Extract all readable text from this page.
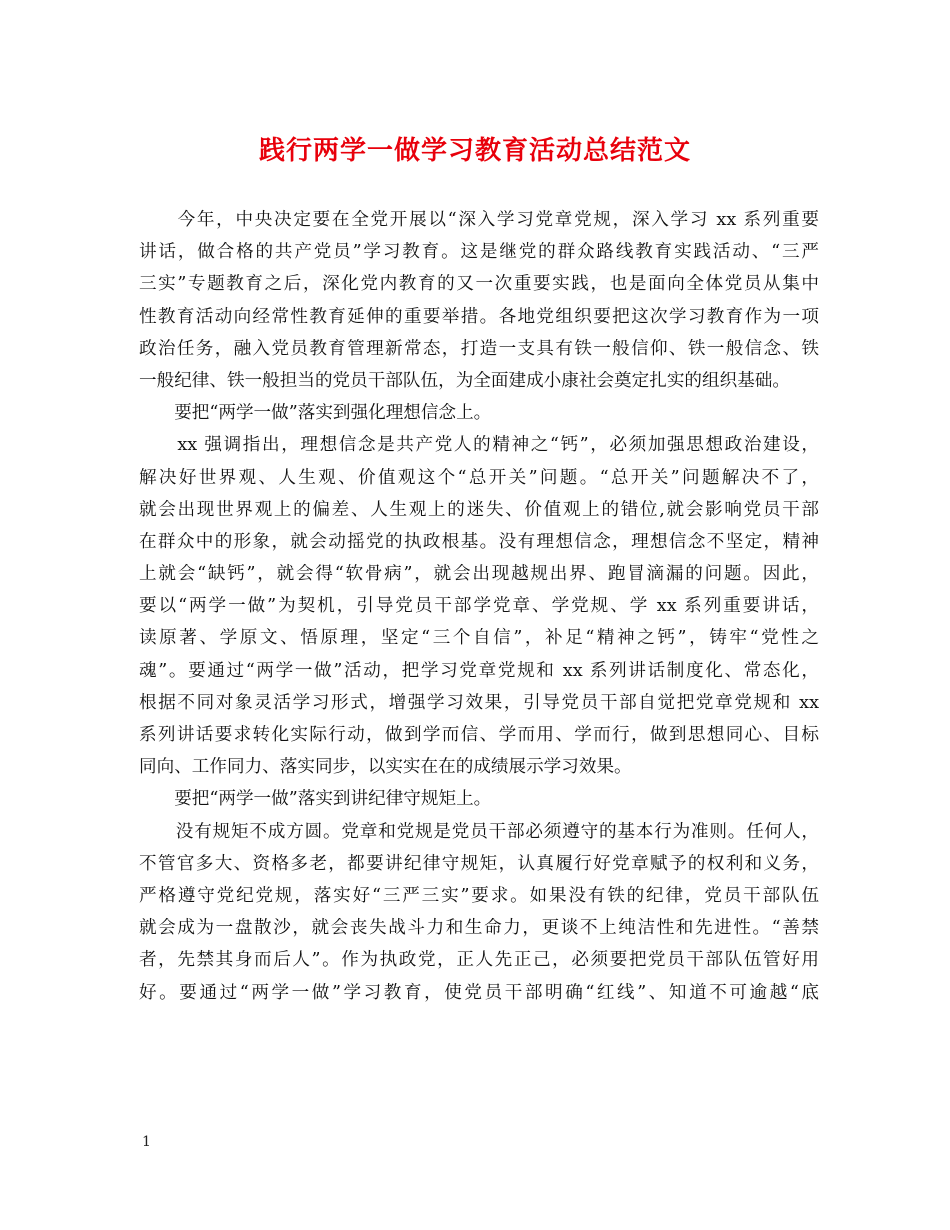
践行两学一做学习教育活动总结范文
　　今年，中央决定要在全党开展以“深入学习党章党规，深入学习 xx 系列重要
讲话，做合格的共产党员”学习教育。这是继党的群众路线教育实践活动、“三严
三实”专题教育之后，深化党内教育的又一次重要实践，也是面向全体党员从集中
性教育活动向经常性教育延伸的重要举措。各地党组织要把这次学习教育作为一项
政治任务，融入党员教育管理新常态，打造一支具有铁一般信仰、铁一般信念、铁
一般纪律、铁一般担当的党员干部队伍，为全面建成小康社会奠定扎实的组织基础。
　　要把“两学一做”落实到强化理想信念上。
　　xx 强调指出，理想信念是共产党人的精神之“钙”，必须加强思想政治建设，
解决好世界观、人生观、价值观这个“总开关”问题。“总开关”问题解决不了，
就会出现世界观上的偏差、人生观上的迷失、价值观上的错位,就会影响党员干部
在群众中的形象，就会动摇党的执政根基。没有理想信念，理想信念不坚定，精神
上就会“缺钙”，就会得“软骨病”，就会出现越规出界、跑冒滴漏的问题。因此，
要以“两学一做”为契机，引导党员干部学党章、学党规、学 xx 系列重要讲话，
读原著、学原文、悟原理，坚定“三个自信”，补足“精神之钙”，铸牢“党性之
魂”。要通过“两学一做”活动，把学习党章党规和 xx 系列讲话制度化、常态化，
根据不同对象灵活学习形式，增强学习效果，引导党员干部自觉把党章党规和 xx
系列讲话要求转化实际行动，做到学而信、学而用、学而行，做到思想同心、目标
同向、工作同力、落实同步，以实实在在的成绩展示学习效果。
　　要把“两学一做”落实到讲纪律守规矩上。
　　没有规矩不成方圆。党章和党规是党员干部必须遵守的基本行为准则。任何人，
不管官多大、资格多老，都要讲纪律守规矩，认真履行好党章赋予的权利和义务，
严格遵守党纪党规，落实好“三严三实”要求。如果没有铁的纪律，党员干部队伍
就会成为一盘散沙，就会丧失战斗力和生命力，更谈不上纯洁性和先进性。“善禁
者，先禁其身而后人”。作为执政党，正人先正己，必须要把党员干部队伍管好用
好。要通过“两学一做”学习教育，使党员干部明确“红线”、知道不可逾越“底
1
